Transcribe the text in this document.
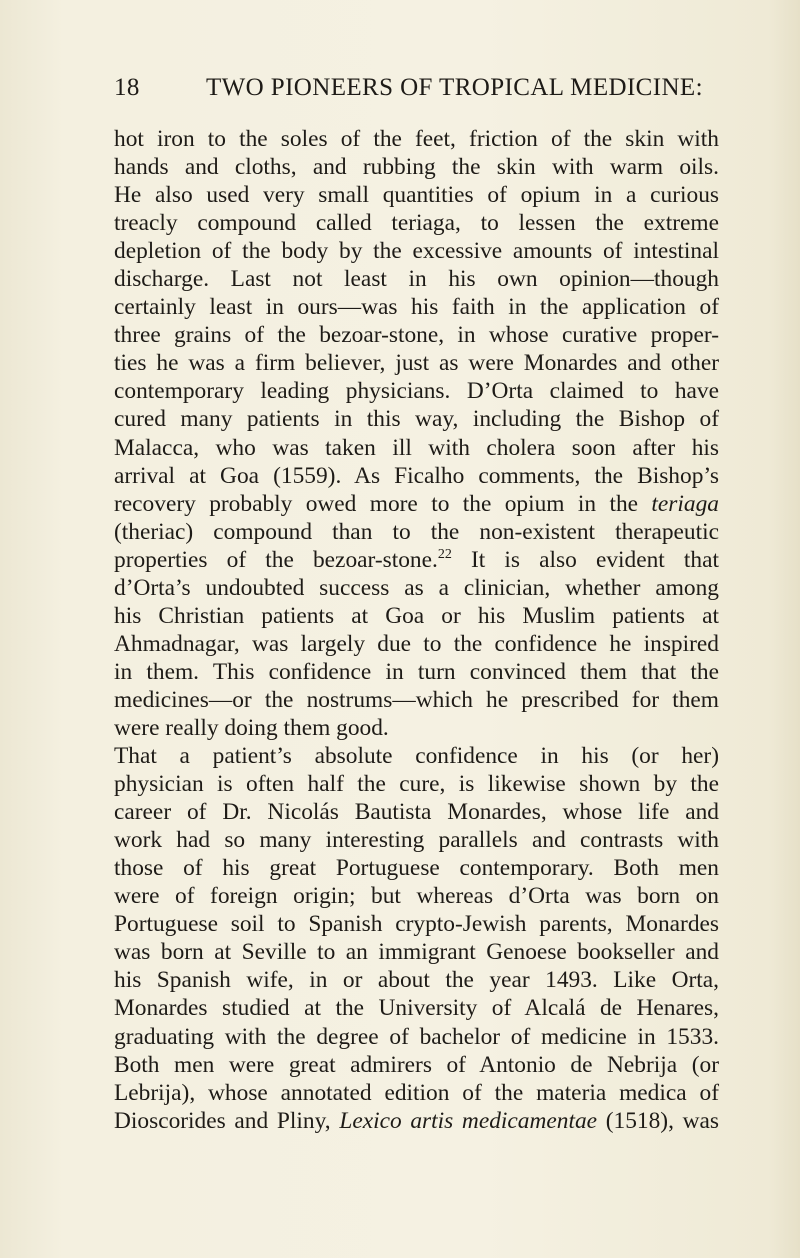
18	TWO PIONEERS OF TROPICAL MEDICINE:
hot iron to the soles of the feet, friction of the skin with
hands and cloths, and rubbing the skin with warm oils.
He also used very small quantities of opium in a curious
treacly compound called teriaga, to lessen the extreme
depletion of the body by the excessive amounts of intestinal
discharge. Last not least in his own opinion—though
certainly least in ours—was his faith in the application of
three grains of the bezoar-stone, in whose curative proper-
ties he was a firm believer, just as were Monardes and other
contemporary leading physicians. D’Orta claimed to have
cured many patients in this way, including the Bishop of
Malacca, who was taken ill with cholera soon after his
arrival at Goa (1559). As Ficalho comments, the Bishop’s
recovery probably owed more to the opium in the teriaga
(theriac) compound than to the non-existent therapeutic
properties of the bezoar-stone.$^{22}$ It is also evident that
d’Orta’s undoubted success as a clinician, whether among
his Christian patients at Goa or his Muslim patients at
Ahmadnagar, was largely due to the confidence he inspired
in them. This confidence in turn convinced them that the
medicines—or the nostrums—which he prescribed for them
were really doing them good.
That a patient’s absolute confidence in his (or her)
physician is often half the cure, is likewise shown by the
career of Dr. Nicolás Bautista Monardes, whose life and
work had so many interesting parallels and contrasts with
those of his great Portuguese contemporary. Both men
were of foreign origin; but whereas d’Orta was born on
Portuguese soil to Spanish crypto-Jewish parents, Monardes
was born at Seville to an immigrant Genoese bookseller and
his Spanish wife, in or about the year 1493. Like Orta,
Monardes studied at the University of Alcalá de Henares,
graduating with the degree of bachelor of medicine in 1533.
Both men were great admirers of Antonio de Nebrija (or
Lebrija), whose annotated edition of the materia medica of
Dioscorides and Pliny, Lexico artis medicamentae (1518), was
